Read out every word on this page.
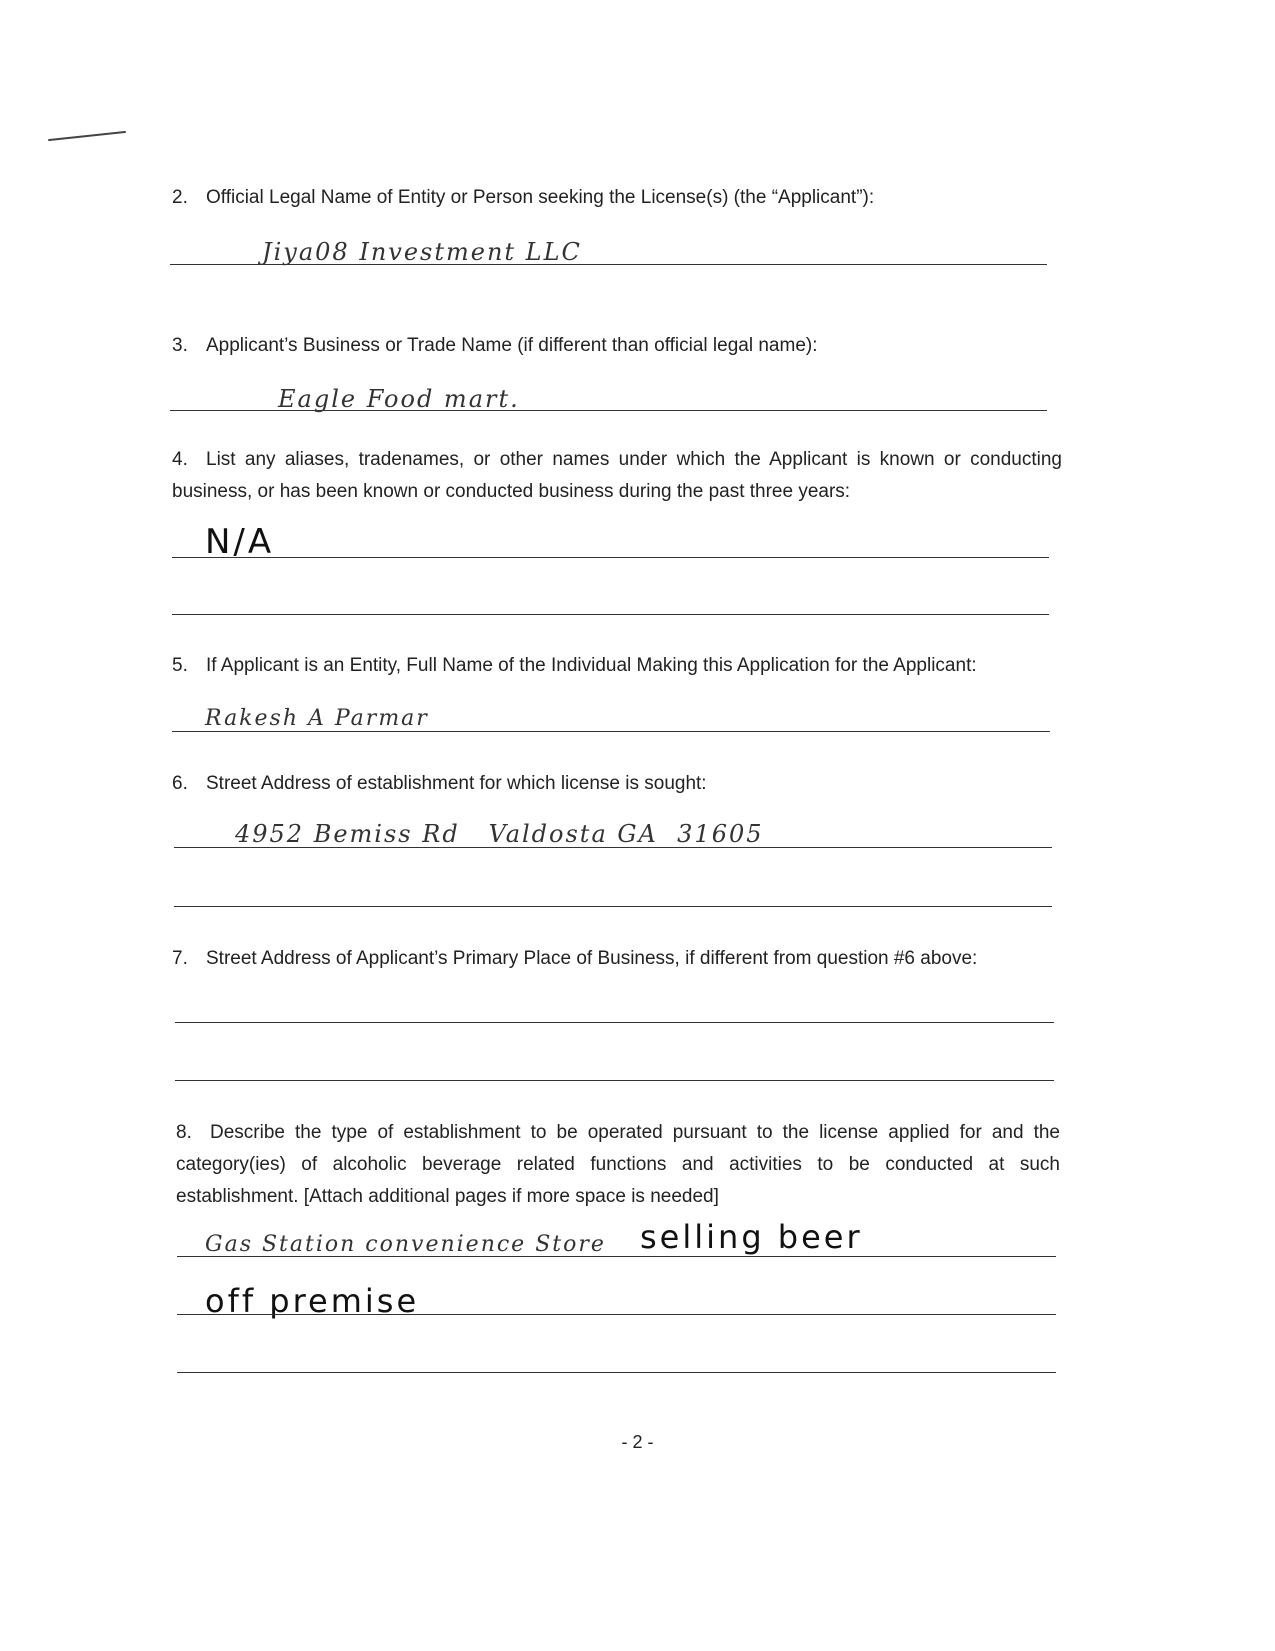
2. Official Legal Name of Entity or Person seeking the License(s) (the “Applicant”):
Jiya08 Investment LLC
3. Applicant’s Business or Trade Name (if different than official legal name):
Eagle Food mart.
4. List any aliases, tradenames, or other names under which the Applicant is known or conducting business, or has been known or conducted business during the past three years:
N/A
5. If Applicant is an Entity, Full Name of the Individual Making this Application for the Applicant:
Rakesh A Parmar
6. Street Address of establishment for which license is sought:
4952 Bemiss Rd   Valdosta GA  31605
7. Street Address of Applicant’s Primary Place of Business, if different from question #6 above:
8. Describe the type of establishment to be operated pursuant to the license applied for and the category(ies) of alcoholic beverage related functions and activities to be conducted at such establishment. [Attach additional pages if more space is needed]
Gas Station convenience Store selling beer
off premise
- 2 -
